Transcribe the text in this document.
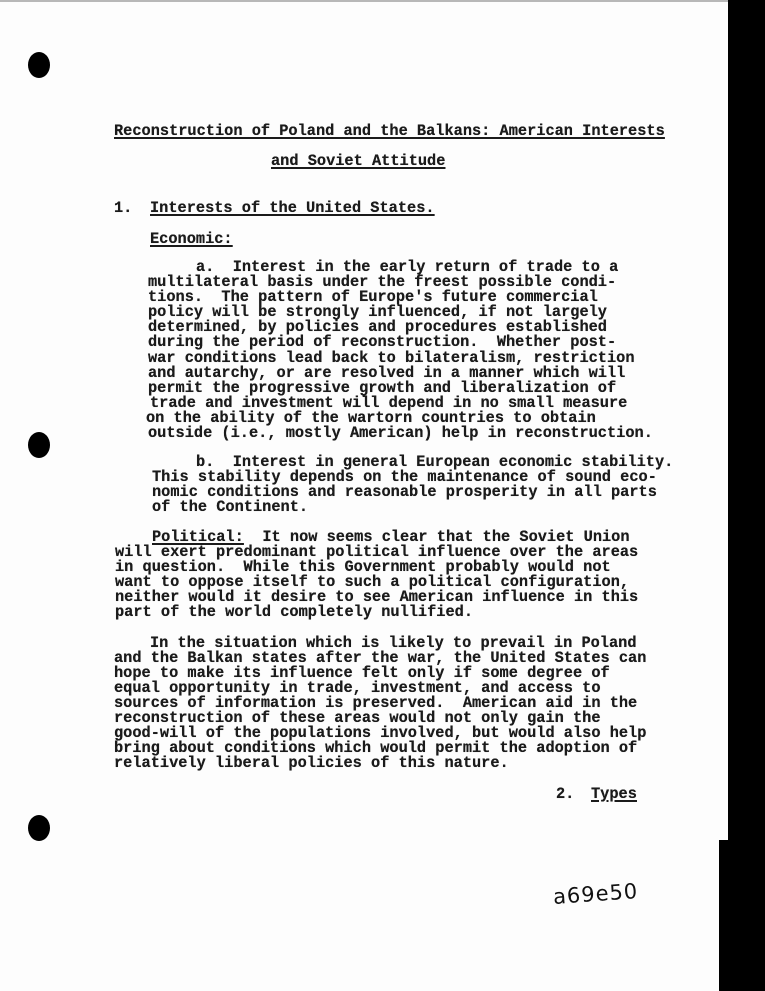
Reconstruction of Poland and the Balkans: American Interests
and Soviet Attitude
1. Interests of the United States.
Economic:
a.  Interest in the early return of trade to a
multilateral basis under the freest possible condi-
tions.  The pattern of Europe's future commercial
policy will be strongly influenced, if not largely
determined, by policies and procedures established
during the period of reconstruction.  Whether post-
war conditions lead back to bilateralism, restriction
and autarchy, or are resolved in a manner which will
permit the progressive growth and liberalization of
trade and investment will depend in no small measure
on the ability of the wartorn countries to obtain
outside (i.e., mostly American) help in reconstruction.
b.  Interest in general European economic stability.
This stability depends on the maintenance of sound eco-
nomic conditions and reasonable prosperity in all parts
of the Continent.
Political: It now seems clear that the Soviet Union
will exert predominant political influence over the areas
in question.  While this Government probably would not
want to oppose itself to such a political configuration,
neither would it desire to see American influence in this
part of the world completely nullified.
In the situation which is likely to prevail in Poland
and the Balkan states after the war, the United States can
hope to make its influence felt only if some degree of
equal opportunity in trade, investment, and access to
sources of information is preserved.  American aid in the
reconstruction of these areas would not only gain the
good-will of the populations involved, but would also help
bring about conditions which would permit the adoption of
relatively liberal policies of this nature.
2. Types
a69e50
